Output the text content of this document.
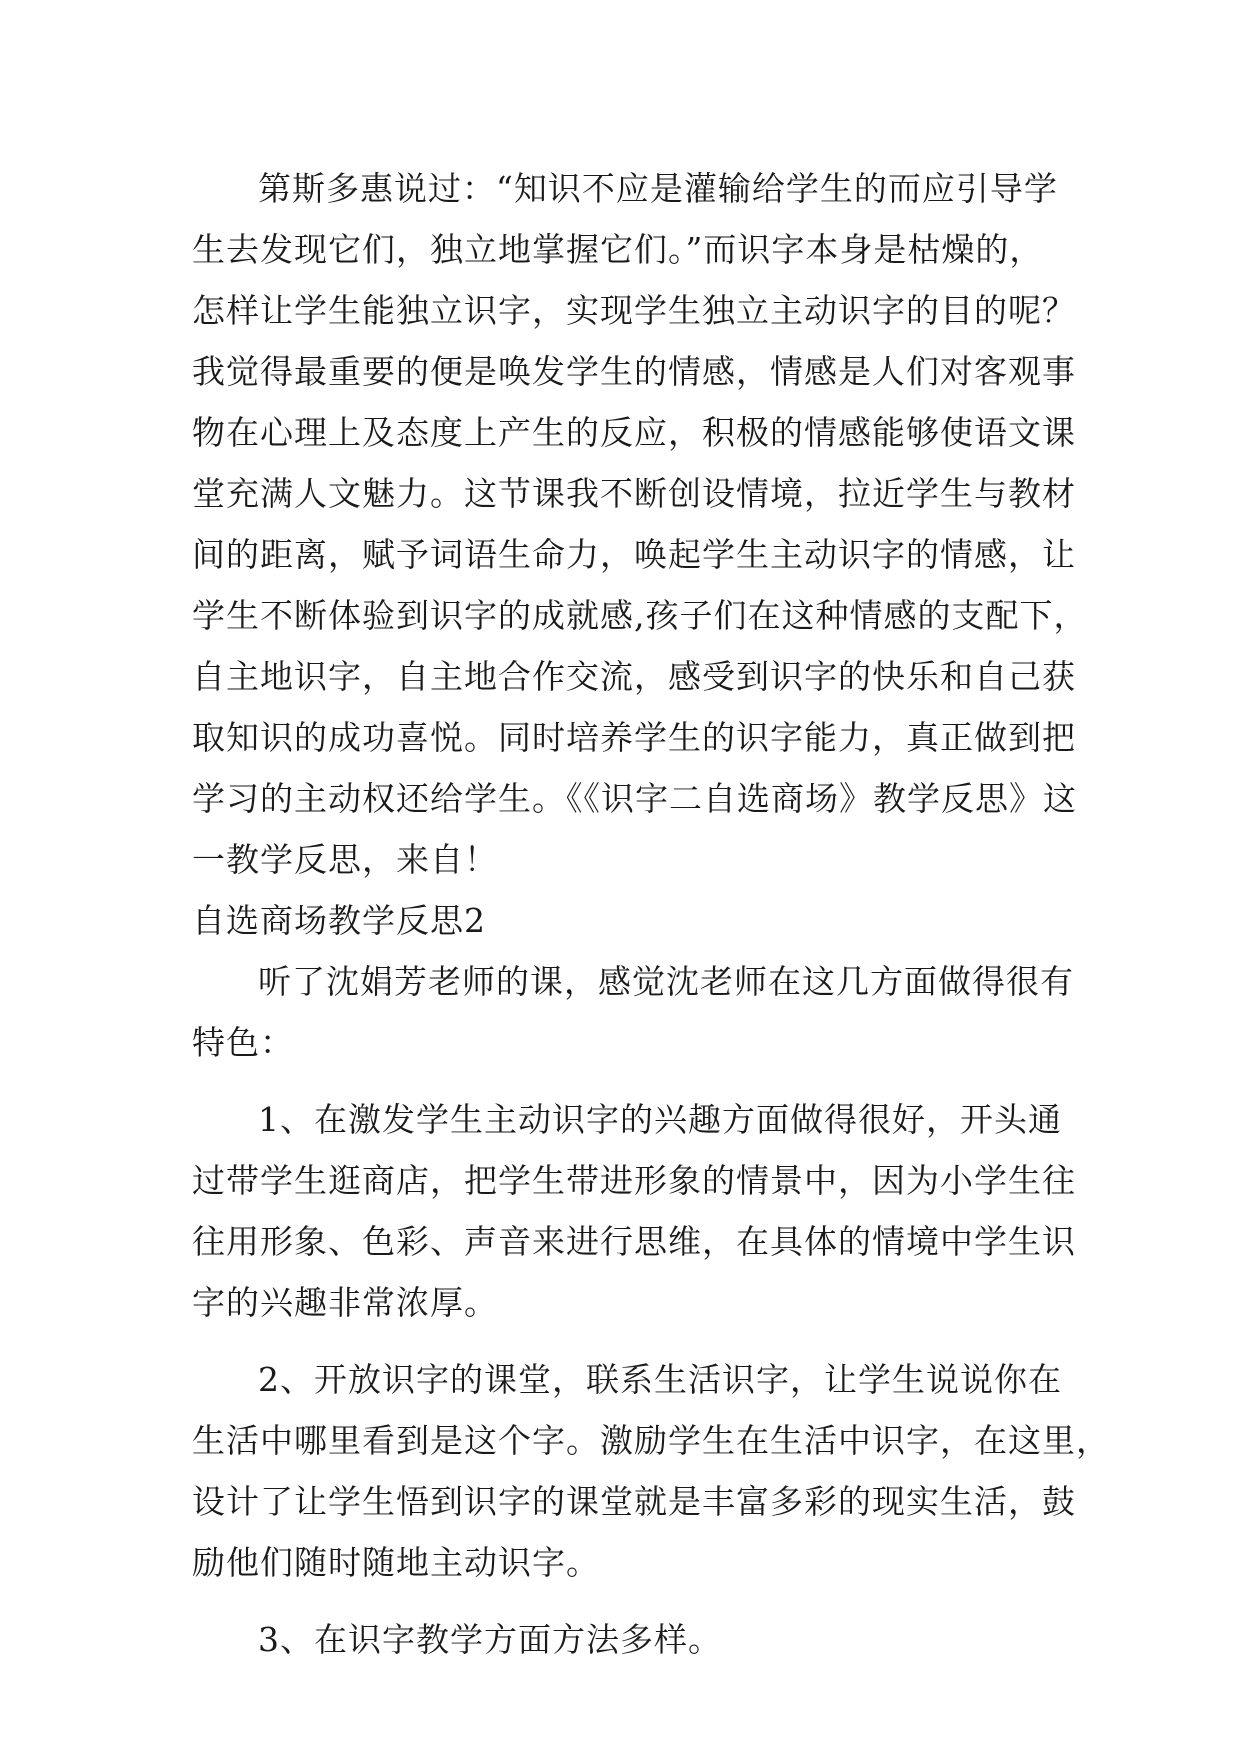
第斯多惠说过：“知识不应是灌输给学生的而应引导学
生去发现它们，独立地掌握它们。”而识字本身是枯燥的，
怎样让学生能独立识字，实现学生独立主动识字的目的呢？
我觉得最重要的便是唤发学生的情感，情感是人们对客观事
物在心理上及态度上产生的反应，积极的情感能够使语文课
堂充满人文魅力。这节课我不断创设情境，拉近学生与教材
间的距离，赋予词语生命力，唤起学生主动识字的情感，让
学生不断体验到识字的成就感,孩子们在这种情感的支配下，
自主地识字，自主地合作交流，感受到识字的快乐和自己获
取知识的成功喜悦。同时培养学生的识字能力，真正做到把
学习的主动权还给学生。《《识字二自选商场》教学反思》这
一教学反思，来自！
自选商场教学反思2
听了沈娟芳老师的课，感觉沈老师在这几方面做得很有
特色：
1、在激发学生主动识字的兴趣方面做得很好，开头通
过带学生逛商店，把学生带进形象的情景中，因为小学生往
往用形象、色彩、声音来进行思维，在具体的情境中学生识
字的兴趣非常浓厚。
2、开放识字的课堂，联系生活识字，让学生说说你在
生活中哪里看到是这个字。激励学生在生活中识字，在这里，
设计了让学生悟到识字的课堂就是丰富多彩的现实生活，鼓
励他们随时随地主动识字。
3、在识字教学方面方法多样。
